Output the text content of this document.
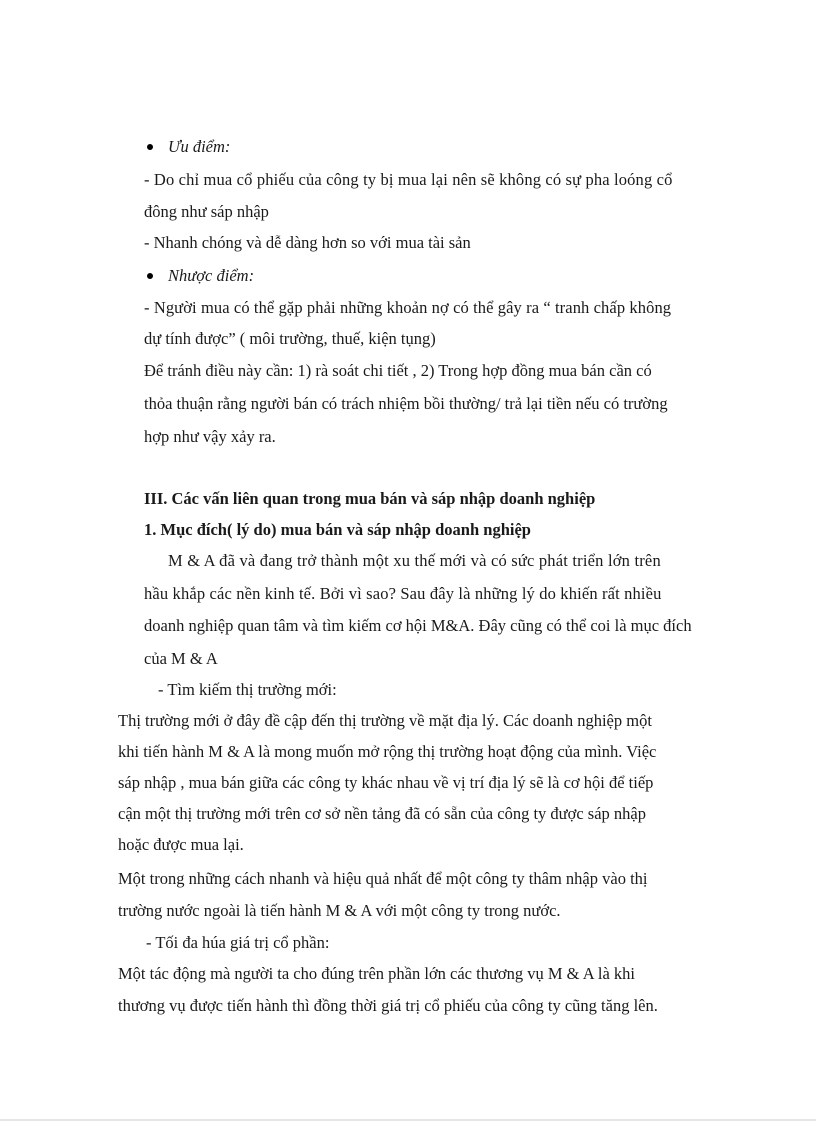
Ưu điểm:
- Do chỉ mua cổ phiếu của công ty bị mua lại nên sẽ không có sự pha loóng cổ
đông như sáp nhập
- Nhanh chóng và dễ dàng hơn so với mua tài sản
Nhược điểm:
- Người mua có thể gặp phải những khoản nợ có thể gây ra “ tranh chấp không
dự tính được” ( môi trường, thuế, kiện tụng)
Để tránh điều này cần: 1) rà soát chi tiết , 2) Trong hợp đồng mua bán cần có
thỏa thuận rằng người bán có trách nhiệm bồi thường/ trả lại tiền nếu có trường
hợp như vậy xảy ra.
III. Các vấn liên quan trong mua bán và sáp nhập doanh nghiệp
1. Mục đích( lý do) mua bán và sáp nhập doanh nghiệp
M & A đã và đang trở thành một xu thế mới và có sức phát triển lớn trên
hầu khắp các nền kinh tế. Bởi vì sao? Sau đây là những lý do khiến rất nhiều
doanh nghiệp quan tâm và tìm kiếm cơ hội M&A. Đây cũng có thể coi là mục đích
của M & A
- Tìm kiếm thị trường mới:
Thị trường mới ở đây đề cập đến thị trường về mặt địa lý. Các doanh nghiệp một
khi tiến hành M & A là mong muốn mở rộng thị trường hoạt động của mình. Việc
sáp nhập , mua bán giữa các công ty khác nhau về vị trí địa lý sẽ là cơ hội để tiếp
cận một thị trường mới trên cơ sở nền tảng đã có sẵn của công ty được sáp nhập
hoặc được mua lại.
Một trong những cách nhanh và hiệu quả nhất để một công ty thâm nhập vào thị
trường nước ngoài là tiến hành M & A với một công ty trong nước.
- Tối đa húa giá trị cổ phần:
Một tác động mà người ta cho đúng trên phần lớn các thương vụ M & A là khi
thương vụ được tiến hành thì đồng thời giá trị cổ phiếu của công ty cũng tăng lên.
